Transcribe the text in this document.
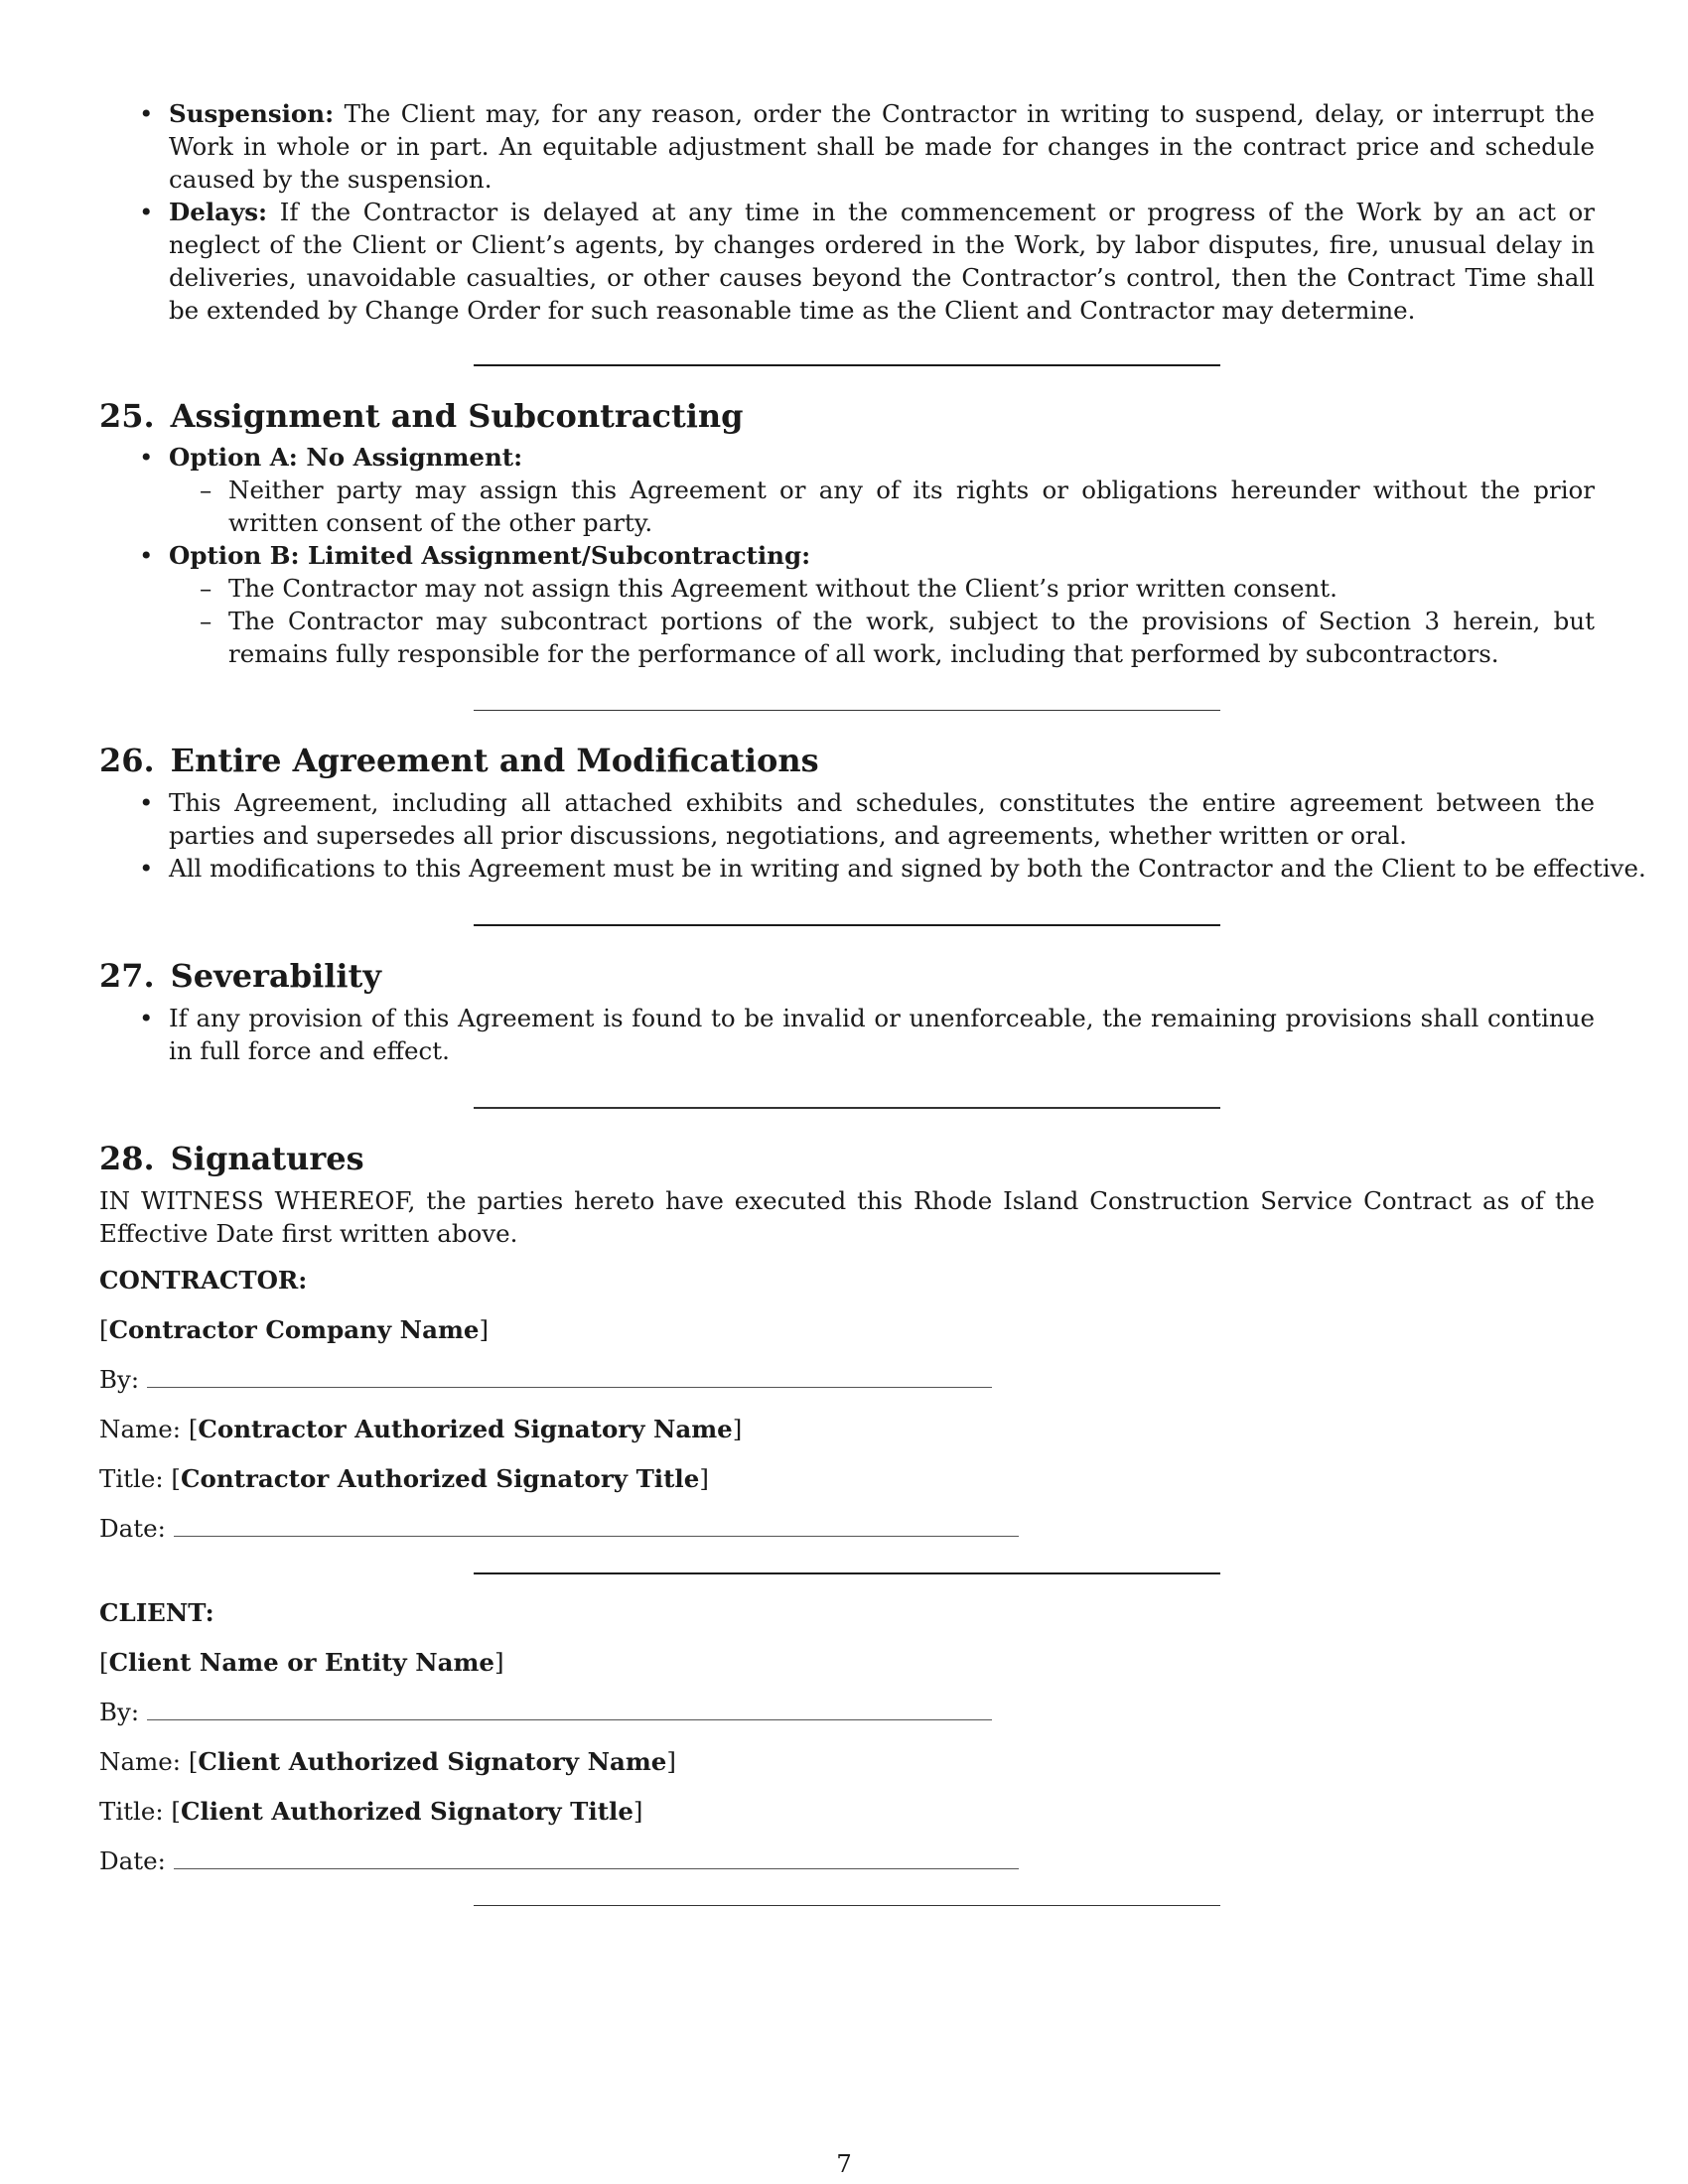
• Suspension: The Client may, for any reason, order the Contractor in writing to suspend, delay, or interrupt the Work in whole or in part. An equitable adjustment shall be made for changes in the contract price and schedule caused by the suspension.
• Delays: If the Contractor is delayed at any time in the commencement or progress of the Work by an act or neglect of the Client or Client’s agents, by changes ordered in the Work, by labor disputes, fire, unusual delay in deliveries, unavoidable casualties, or other causes beyond the Contractor’s control, then the Contract Time shall be extended by Change Order for such reasonable time as the Client and Contractor may determine.
25. Assignment and Subcontracting
• Option A: No Assignment:
– Neither party may assign this Agreement or any of its rights or obligations hereunder without the prior written consent of the other party.
• Option B: Limited Assignment/Subcontracting:
– The Contractor may not assign this Agreement without the Client’s prior written consent.
– The Contractor may subcontract portions of the work, subject to the provisions of Section 3 herein, but remains fully responsible for the performance of all work, including that performed by subcontractors.
26. Entire Agreement and Modifications
• This Agreement, including all attached exhibits and schedules, constitutes the entire agreement between the parties and supersedes all prior discussions, negotiations, and agreements, whether written or oral.
• All modifications to this Agreement must be in writing and signed by both the Contractor and the Client to be effective.
27. Severability
• If any provision of this Agreement is found to be invalid or unenforceable, the remaining provisions shall continue in full force and effect.
28. Signatures

IN WITNESS WHEREOF, the parties hereto have executed this Rhode Island Construction Service Contract as of the Effective Date first written above.

CONTRACTOR:

[Contractor Company Name]

By:

Name: [Contractor Authorized Signatory Name]

Title: [Contractor Authorized Signatory Title]

Date:

CLIENT:

[Client Name or Entity Name]

By:

Name: [Client Authorized Signatory Name]

Title: [Client Authorized Signatory Title]

Date:

7
